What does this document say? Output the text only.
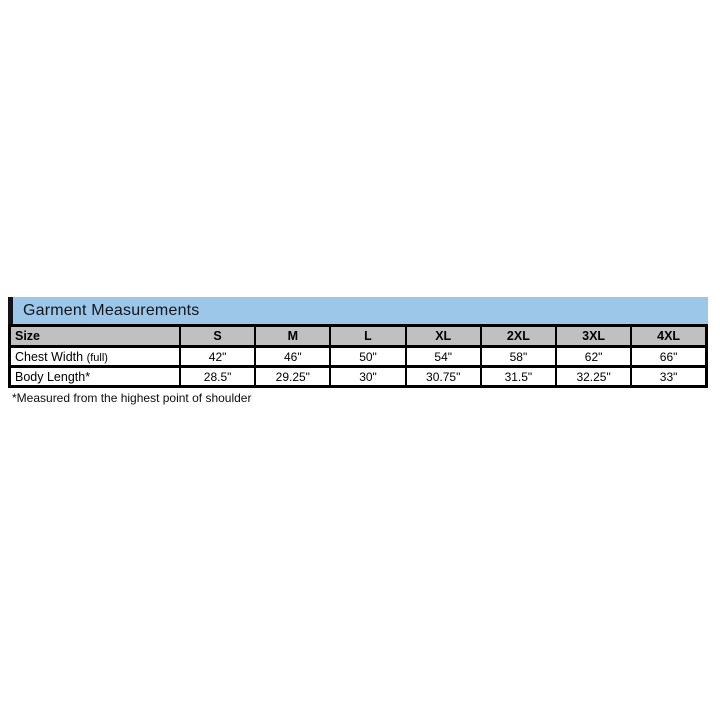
Garment Measurements
Size	S	M	L	XL	2XL	3XL	4XL
Chest Width (full)	42"	46"	50"	54"	58"	62"	66"
Body Length*	28.5"	29.25"	30"	30.75"	31.5"	32.25"	33"
*Measured from the highest point of shoulder
